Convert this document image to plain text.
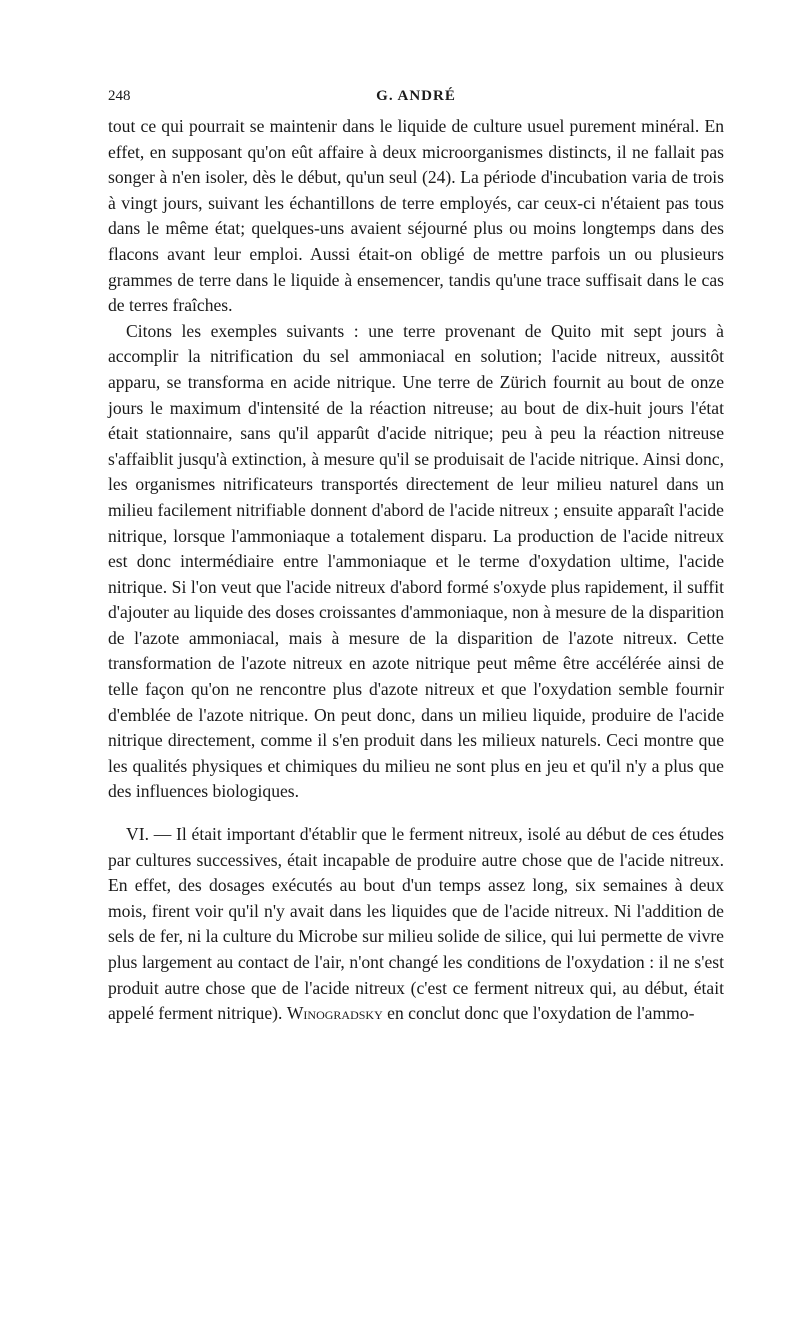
248	G. ANDRÉ

tout ce qui pourrait se maintenir dans le liquide de culture usuel purement minéral. En effet, en supposant qu'on eût affaire à deux microorganismes distincts, il ne fallait pas songer à n'en isoler, dès le début, qu'un seul (24). La période d'incubation varia de trois à vingt jours, suivant les échantillons de terre employés, car ceux-ci n'étaient pas tous dans le même état; quelques-uns avaient séjourné plus ou moins longtemps dans des flacons avant leur emploi. Aussi était-on obligé de mettre parfois un ou plusieurs grammes de terre dans le liquide à ensemencer, tandis qu'une trace suffisait dans le cas de terres fraîches.

Citons les exemples suivants : une terre provenant de Quito mit sept jours à accomplir la nitrification du sel ammoniacal en solution; l'acide nitreux, aussitôt apparu, se transforma en acide nitrique. Une terre de Zürich fournit au bout de onze jours le maximum d'intensité de la réaction nitreuse; au bout de dix-huit jours l'état était stationnaire, sans qu'il apparût d'acide nitrique; peu à peu la réaction nitreuse s'affaiblit jusqu'à extinction, à mesure qu'il se produisait de l'acide nitrique. Ainsi donc, les organismes nitrificateurs transportés directement de leur milieu naturel dans un milieu facilement nitrifiable donnent d'abord de l'acide nitreux ; ensuite apparaît l'acide nitrique, lorsque l'ammoniaque a totalement disparu. La production de l'acide nitreux est donc intermédiaire entre l'ammoniaque et le terme d'oxydation ultime, l'acide nitrique. Si l'on veut que l'acide nitreux d'abord formé s'oxyde plus rapidement, il suffit d'ajouter au liquide des doses croissantes d'ammoniaque, non à mesure de la disparition de l'azote ammoniacal, mais à mesure de la disparition de l'azote nitreux. Cette transformation de l'azote nitreux en azote nitrique peut même être accélérée ainsi de telle façon qu'on ne rencontre plus d'azote nitreux et que l'oxydation semble fournir d'emblée de l'azote nitrique. On peut donc, dans un milieu liquide, produire de l'acide nitrique directement, comme il s'en produit dans les milieux naturels. Ceci montre que les qualités physiques et chimiques du milieu ne sont plus en jeu et qu'il n'y a plus que des influences biologiques.

VI. — Il était important d'établir que le ferment nitreux, isolé au début de ces études par cultures successives, était incapable de produire autre chose que de l'acide nitreux. En effet, des dosages exécutés au bout d'un temps assez long, six semaines à deux mois, firent voir qu'il n'y avait dans les liquides que de l'acide nitreux. Ni l'addition de sels de fer, ni la culture du Microbe sur milieu solide de silice, qui lui permette de vivre plus largement au contact de l'air, n'ont changé les conditions de l'oxydation : il ne s'est produit autre chose que de l'acide nitreux (c'est ce ferment nitreux qui, au début, était appelé ferment nitrique). Winogradsky en conclut donc que l'oxydation de l'ammo-
